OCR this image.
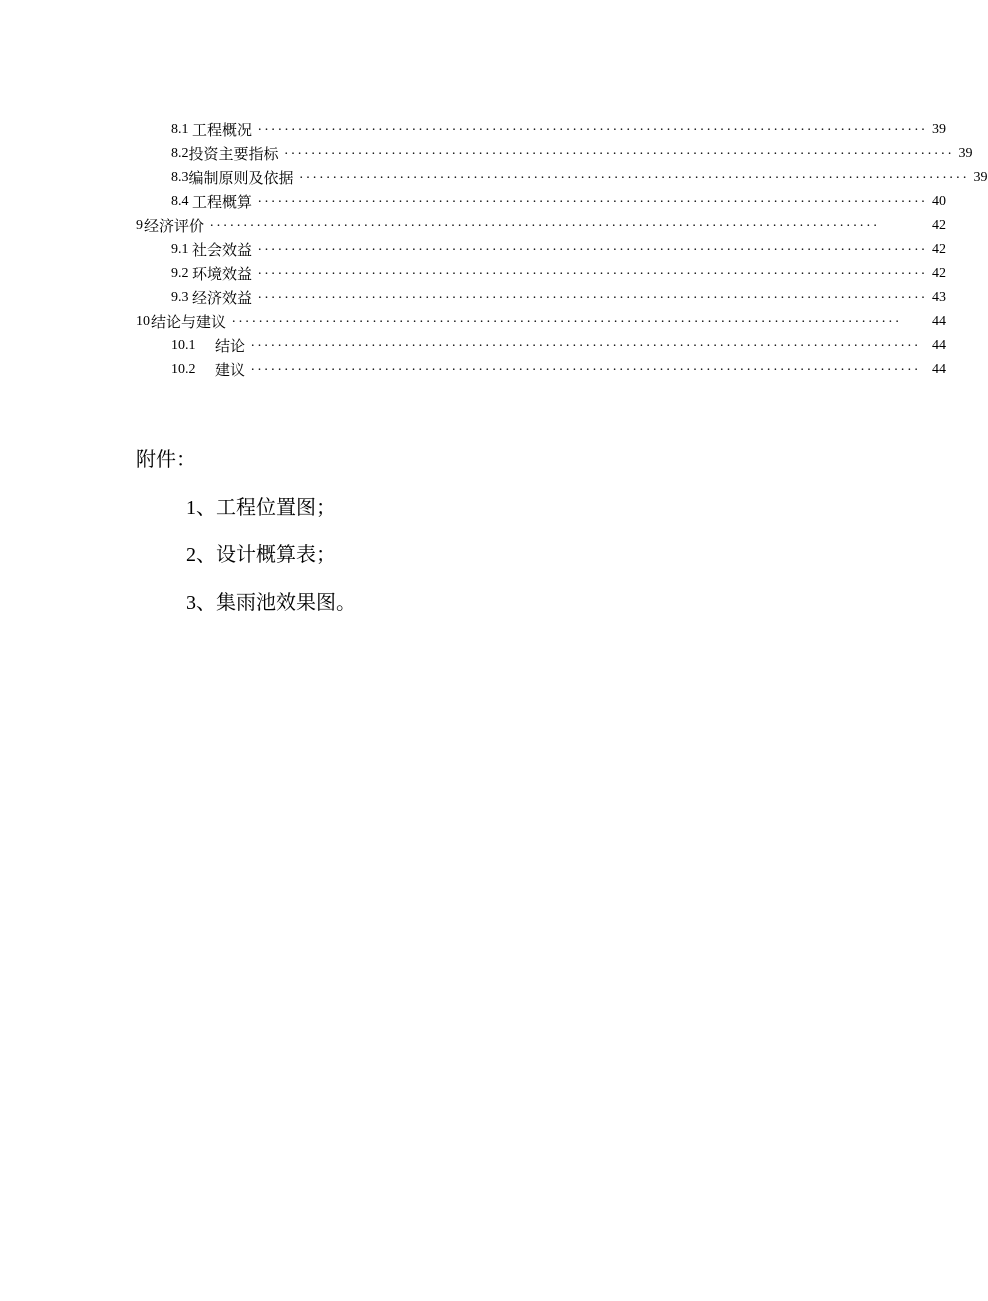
8.1 工程概况 .................................................................................................... 39
8.2 投资主要指标 .................................................................................................... 39
8.3 编制原则及依据 .................................................................................................... 39
8.4 工程概算 .................................................................................................... 40
9 经济评价 ....................................................................................................	42
9.1 社会效益 .................................................................................................... 42
9.2 环境效益 .................................................................................................... 42
9.3 经济效益 .................................................................................................... 43
10 结论与建议 ....................................................................................................	44
10.1	结论 .................................................................................................... 44
10.2	建议 .................................................................................................... 44
附件：
1、工程位置图；
2、设计概算表；
3、集雨池效果图。
